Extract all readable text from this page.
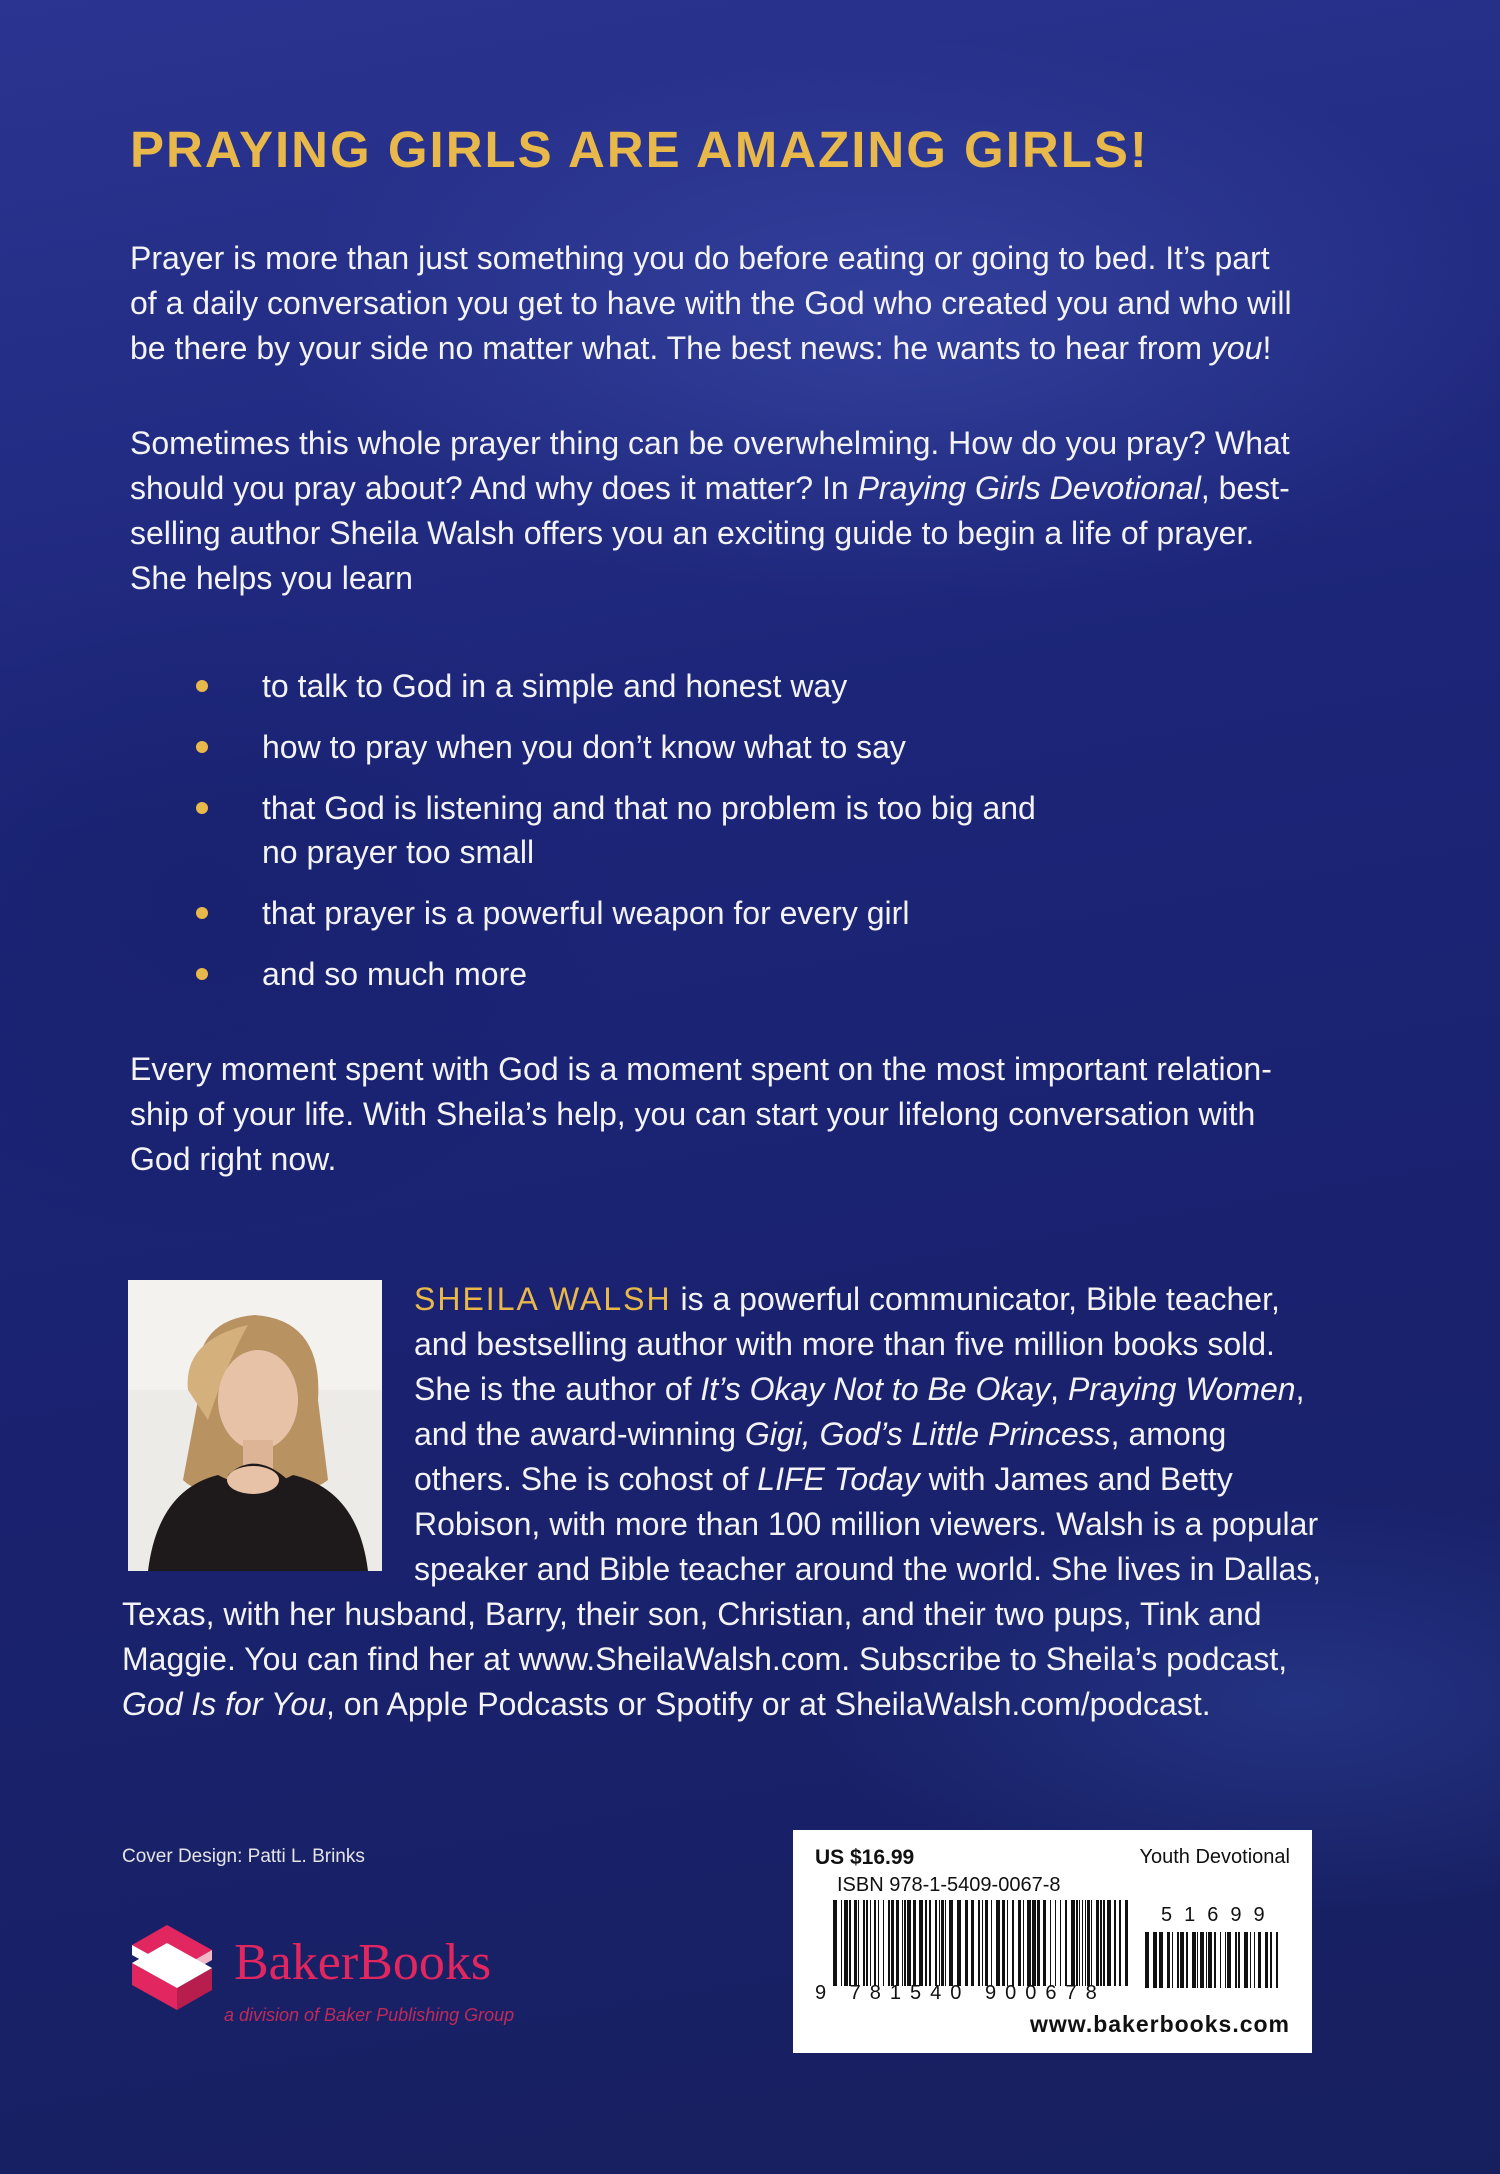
PRAYING GIRLS ARE AMAZING GIRLS!
Prayer is more than just something you do before eating or going to bed. It’s part
of a daily conversation you get to have with the God who created you and who will
be there by your side no matter what. The best news: he wants to hear from you!
Sometimes this whole prayer thing can be overwhelming. How do you pray? What
should you pray about? And why does it matter? In Praying Girls Devotional, best-
selling author Sheila Walsh offers you an exciting guide to begin a life of prayer.
She helps you learn
to talk to God in a simple and honest way
how to pray when you don’t know what to say
that God is listening and that no problem is too big and
no prayer too small
that prayer is a powerful weapon for every girl
and so much more
Every moment spent with God is a moment spent on the most important relation-
ship of your life. With Sheila’s help, you can start your lifelong conversation with
God right now.
SHEILA WALSH is a powerful communicator, Bible teacher, and bestselling author with more than five million books sold. She is the author of It’s Okay Not to Be Okay, Praying Women, and the award-winning Gigi, God’s Little Princess, among others. She is cohost of LIFE Today with James and Betty Robison, with more than 100 million viewers. Walsh is a popular speaker and Bible teacher around the world. She lives in Dallas, Texas, with her husband, Barry, their son, Christian, and their two pups, Tink and Maggie. You can find her at www.SheilaWalsh.com. Subscribe to Sheila’s podcast, God Is for You, on Apple Podcasts or Spotify or at SheilaWalsh.com/podcast.
Cover Design: Patti L. Brinks
BakerBooks
a division of Baker Publishing Group
US $16.99	Youth Devotional
ISBN 978-1-5409-0067-8
51699
9 781540 900678
www.bakerbooks.com
